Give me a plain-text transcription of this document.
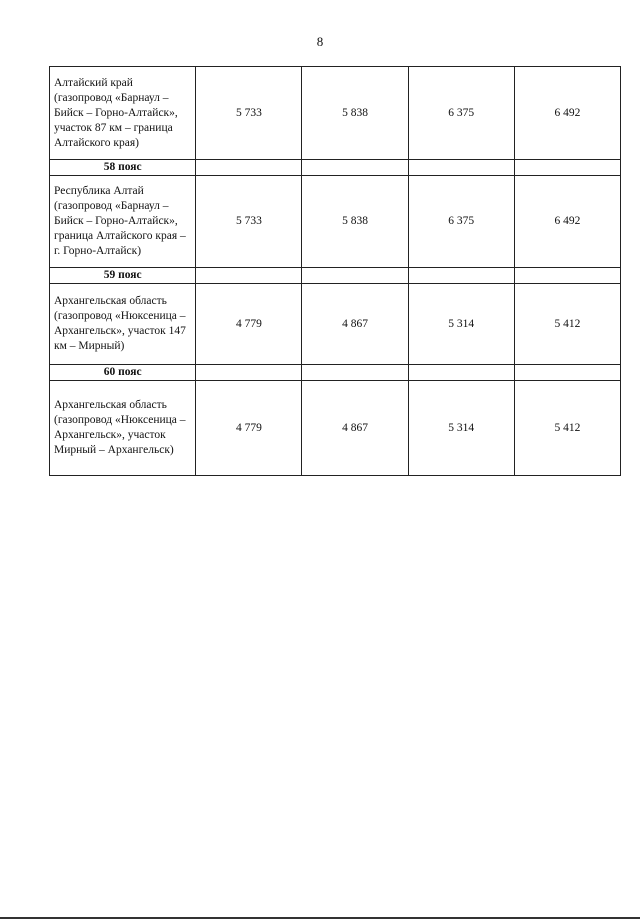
8
Алтайский край (газопровод «Барнаул – Бийск – Горно-Алтайск», участок 87 км – граница Алтайского края)	5 733	5 838	6 375	6 492
58 пояс				
Республика Алтай (газопровод «Барнаул – Бийск – Горно-Алтайск», граница Алтайского края – г. Горно-Алтайск)	5 733	5 838	6 375	6 492
59 пояс				
Архангельская область (газопровод «Нюксеница – Архангельск», участок 147 км – Мирный)	4 779	4 867	5 314	5 412
60 пояс				
Архангельская область (газопровод «Нюксеница – Архангельск», участок Мирный – Архангельск)	4 779	4 867	5 314	5 412
